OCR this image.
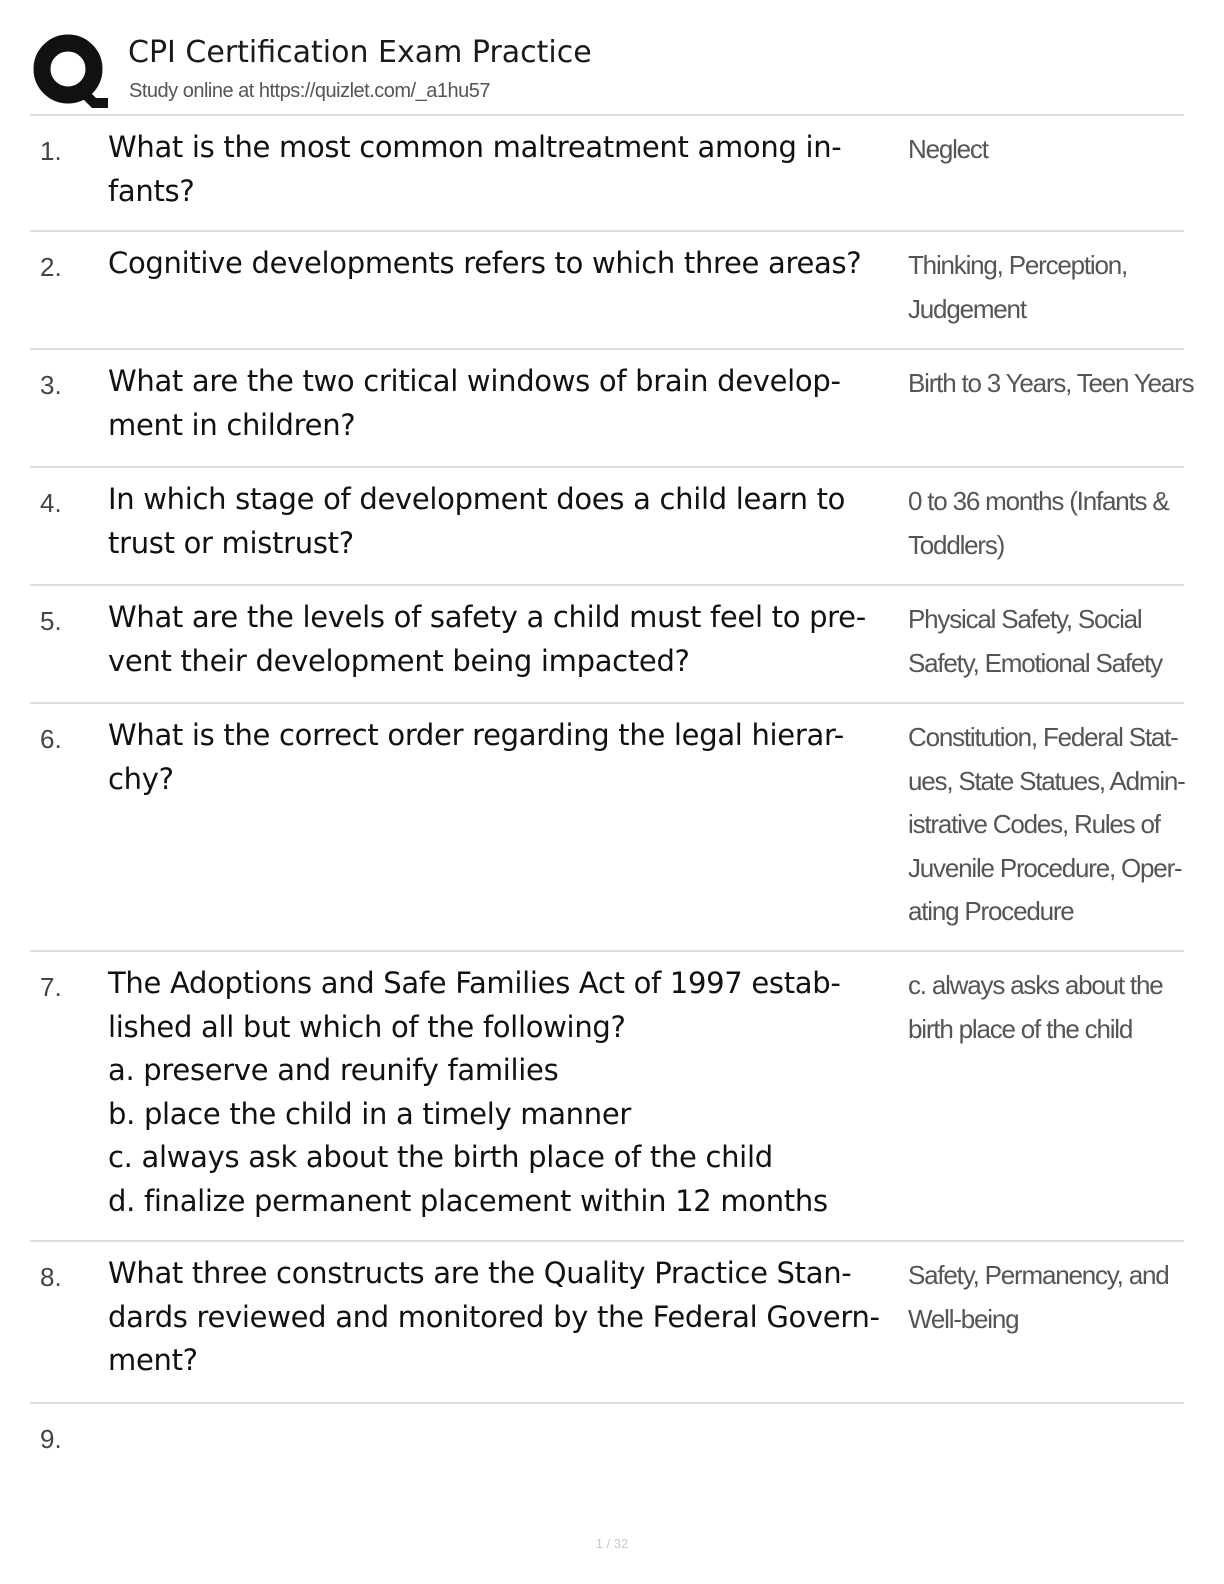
CPI Certification Exam Practice
Study online at https://quizlet.com/_a1hu57
1. What is the most common maltreatment among in-
fants?
Neglect
2. Cognitive developments refers to which three areas?	Thinking, Perception,
Judgement
3. What are the two critical windows of brain develop-
ment in children?
Birth to 3 Years, Teen Years
4. In which stage of development does a child learn to
trust or mistrust?
0 to 36 months (Infants &
Toddlers)
5. What are the levels of safety a child must feel to pre-
vent their development being impacted?
Physical Safety, Social
Safety, Emotional Safety
6. What is the correct order regarding the legal hierar-
chy?
Constitution, Federal Stat-
ues, State Statues, Admin-
istrative Codes, Rules of
Juvenile Procedure, Oper-
ating Procedure
7. The Adoptions and Safe Families Act of 1997 estab-
lished all but which of the following?
a. preserve and reunify families
b. place the child in a timely manner
c. always ask about the birth place of the child
d. finalize permanent placement within 12 months
c. always asks about the
birth place of the child
8. What three constructs are the Quality Practice Stan-
dards reviewed and monitored by the Federal Govern-
ment?
Safety, Permanency, and
Well-being
9.
1 / 32
